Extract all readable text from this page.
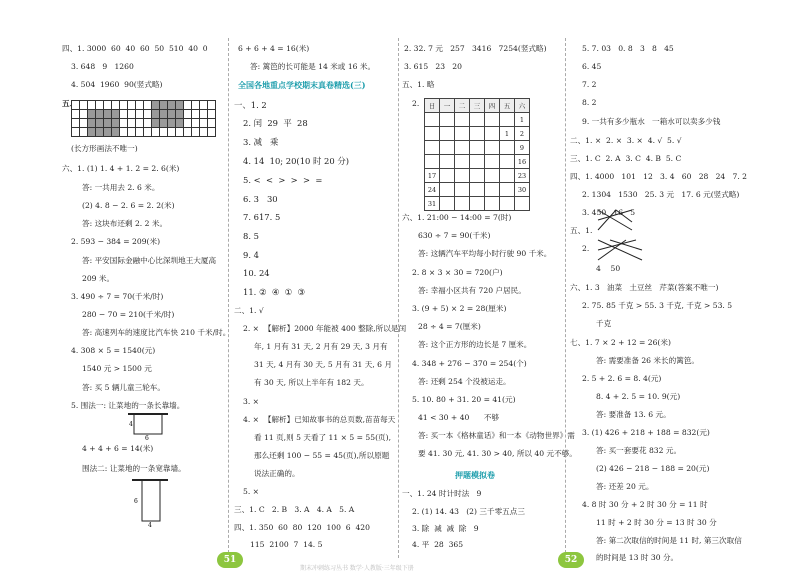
四、1. 3000  60  40  60  50  510  40  0
3. 648   9   1260
4. 504  1960  90(竖式略)
五、

(长方形画法不唯一)
六、1. (1) 1. 4 + 1. 2 = 2. 6(米)
答: 一共用去 2. 6 米。
(2) 4. 8 − 2. 6 = 2. 2(米)
答: 这块布还剩 2. 2 米。
2. 593 − 384 = 209(米)
答: 平安国际金融中心比深圳地王大厦高
209 米。
3. 490 ÷ 7 = 70(千米/时)
280 − 70 = 210(千米/时)
答: 高速列车的速度比汽车快 210 千米/时。
4. 308 × 5 = 1540(元)
1540 元 > 1500 元
答: 买 5 辆儿童三轮车。
5. 围法一: 让菜地的一条长靠墙。
4
6
4 + 4 + 6 = 14(米)
围法二: 让菜地的一条宽靠墙。
6
4
6 + 6 + 4 = 16(米)
答: 篱笆的长可能是 14 米或 16 米。
全国各地重点学校期末真卷精选(三)
一、1. 2
2. 闰  29  平  28
3. 减   乘
4. 14  10; 20(10 时 20 分)
5. <  <  >  >  >  =
6. 3   30
7. 617. 5
8. 5
9. 4
10. 24
11. ②  ④  ①  ③
二、1. √
2. ×  【解析】2000 年能被 400 整除,所以是闰
年, 1 月有 31 天, 2 月有 29 天, 3 月有
31 天, 4 月有 30 天, 5 月有 31 天, 6 月
有 30 天, 所以上半年有 182 天。
3. ×
4. ×  【解析】已知故事书的总页数,苗苗每天
看 11 页,则 5 天看了 11 × 5 = 55(页),
那么还剩 100 − 55 = 45(页),所以原题
说法正确的。
5. ×
三、1. C   2. B   3. A   4. A   5. A
四、1. 350  60  80  120  100  6  420
115  2100  7  14. 5
2. 32. 7 元   257   3416   7254(竖式略)
3. 615   23   20
五、1. 略
2. 日	一	二	三	四	五	六
						1
					1	2
						9
						16
17						23
24						30
31						
六、1. 21:00 − 14:00 = 7(时)
630 ÷ 7 = 90(千米)
答: 这辆汽车平均每小时行驶 90 千米。
2. 8 × 3 × 30 = 720(户)
答: 幸福小区共有 720 户居民。
3. (9 + 5) × 2 = 28(厘米)
28 ÷ 4 = 7(厘米)
答: 这个正方形的边长是 7 厘米。
4. 348 + 276 − 370 = 254(个)
答: 还剩 254 个没被运走。
5. 10. 80 + 31. 20 = 41(元)
41 < 30 + 40      不够
答: 买一本《格林童话》和一本《动物世界》需
要 41. 30 元, 41. 30 > 40, 所以 40 元不够。
押题模拟卷
一、1. 24 时计时法   9
2. (1) 14. 43   (2) 三千零五点三
3. 除  减  减  除   9
4. 平  28  365
5. 7. 03   0. 8   3   8   45
6. 45
7. 2
8. 2
9. 一共有多少瓶水   一箱水可以卖多少钱
二、1. ×  2. ×  3. ×  4. √  5. √
三、1. C  2. A  3. C  4. B  5. C
四、1. 4000   101   12   3. 4   60   28   24   7. 2
2. 1304   1530   25. 3 元   17. 6 元(竖式略)
3. 450   16   5
五、1.
2.
4    50
六、1. 3   油菜   土豆丝   芹菜(答案不唯一)
2. 75. 85 千克 > 55. 3 千克, 千克 > 53. 5
千克
七、1. 7 × 2 + 12 = 26(米)
答: 需要准备 26 米长的篱笆。
2. 5 + 2. 6 = 8. 4(元)
8. 4 + 2. 5 = 10. 9(元)
答: 要准备 13. 6 元。
3. (1) 426 + 218 + 188 = 832(元)
答: 买一套要花 832 元。
(2) 426 − 218 − 188 = 20(元)
答: 还差 20 元。
4. 8 时 30 分 + 2 时 30 分 = 11 时
11 时 + 2 时 30 分 = 13 时 30 分
答: 第二次取信的时间是 11 时, 第三次取信
的时间是 13 时 30 分。
51	52
期末冲刺练习丛书 数学·人教版·三年级下册
